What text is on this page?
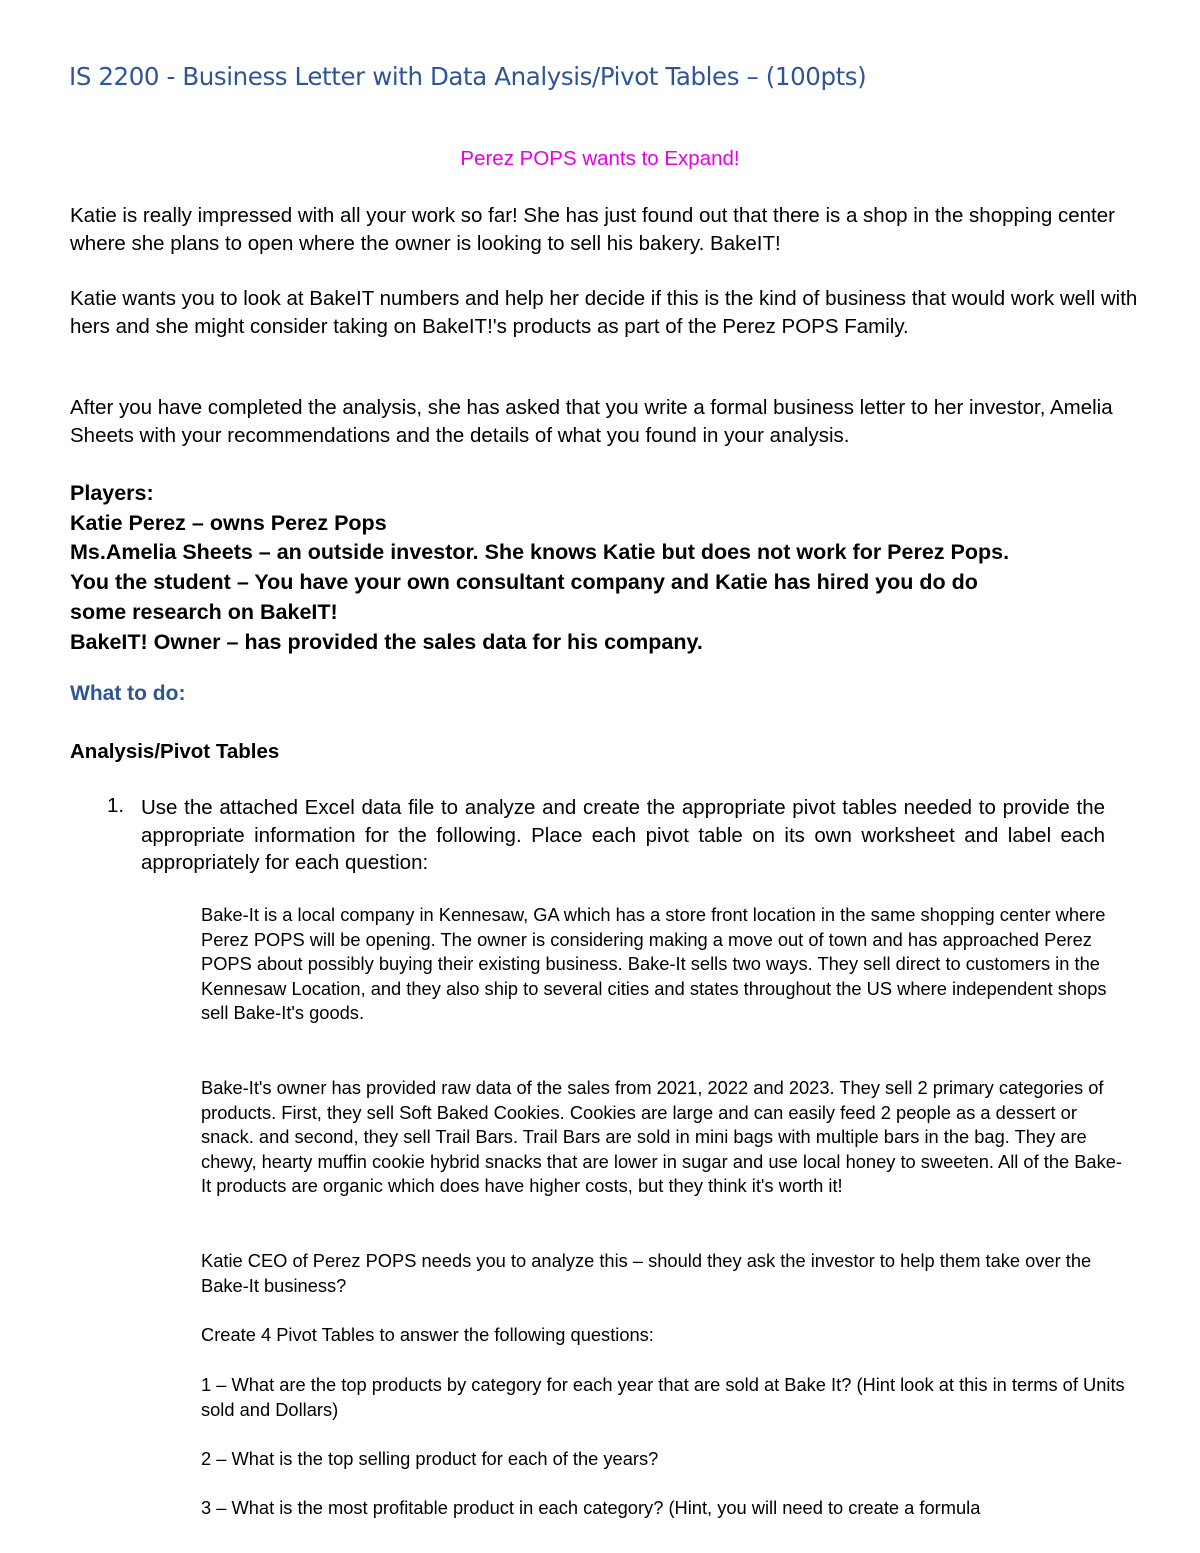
IS 2200 - Business Letter with Data Analysis/Pivot Tables – (100pts)
Perez POPS wants to Expand!

Katie is really impressed with all your work so far! She has just found out that there is a shop in the shopping center where she plans to open where the owner is looking to sell his bakery. BakeIT!

Katie wants you to look at BakeIT numbers and help her decide if this is the kind of business that would work well with hers and she might consider taking on BakeIT!'s products as part of the Perez POPS Family.

After you have completed the analysis, she has asked that you write a formal business letter to her investor, Amelia Sheets with your recommendations and the details of what you found in your analysis.

Players:
Katie Perez – owns Perez Pops
Ms.Amelia Sheets – an outside investor. She knows Katie but does not work for Perez Pops.
You the student – You have your own consultant company and Katie has hired you do do
some research on BakeIT!
BakeIT! Owner – has provided the sales data for his company.
What to do:
Analysis/Pivot Tables
1. Use the attached Excel data file to analyze and create the appropriate pivot tables needed to provide the appropriate information for the following. Place each pivot table on its own worksheet and label each appropriately for each question:

Bake-It is a local company in Kennesaw, GA which has a store front location in the same shopping center where Perez POPS will be opening. The owner is considering making a move out of town and has approached Perez POPS about possibly buying their existing business. Bake-It sells two ways. They sell direct to customers in the Kennesaw Location, and they also ship to several cities and states throughout the US where independent shops sell Bake-It's goods.

Bake-It's owner has provided raw data of the sales from 2021, 2022 and 2023. They sell 2 primary categories of products. First, they sell Soft Baked Cookies. Cookies are large and can easily feed 2 people as a dessert or snack. and second, they sell Trail Bars. Trail Bars are sold in mini bags with multiple bars in the bag. They are chewy, hearty muffin cookie hybrid snacks that are lower in sugar and use local honey to sweeten. All of the Bake-It products are organic which does have higher costs, but they think it's worth it!

Katie CEO of Perez POPS needs you to analyze this – should they ask the investor to help them take over the Bake-It business?

Create 4 Pivot Tables to answer the following questions:

1 – What are the top products by category for each year that are sold at Bake It? (Hint look at this in terms of Units sold and Dollars)

2 – What is the top selling product for each of the years?

3 – What is the most profitable product in each category? (Hint, you will need to create a formula
